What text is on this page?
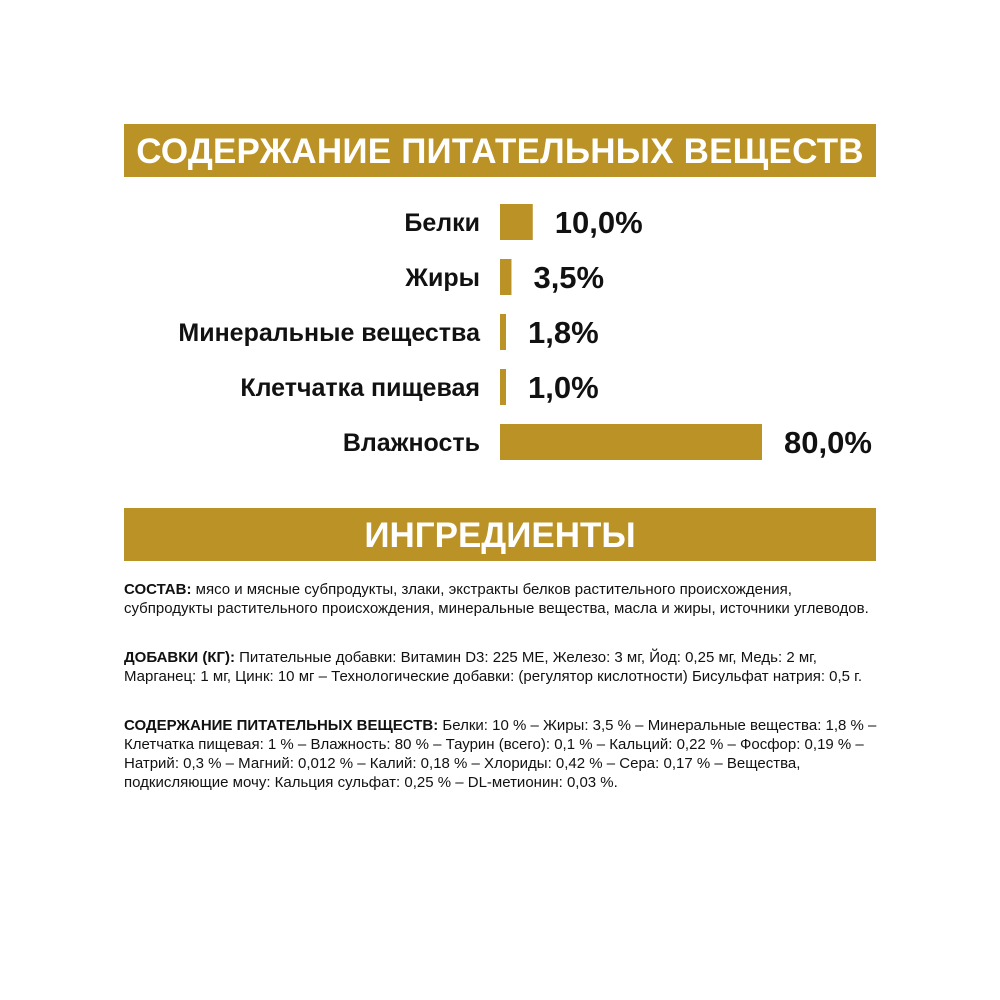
СОДЕРЖАНИЕ ПИТАТЕЛЬНЫХ ВЕЩЕСТВ
Белки 10,0%
Жиры 3,5%
Минеральные вещества 1,8%
Клетчатка пищевая 1,0%
Влажность	80,0%
ИНГРЕДИЕНТЫ
СОСТАВ: мясо и мясные субпродукты, злаки, экстракты белков растительного происхождения, субпродукты растительного происхождения, минеральные вещества, масла и жиры, источники углеводов.
ДОБАВКИ (КГ): Питательные добавки: Витамин D3: 225 МЕ, Железо: 3 мг, Йод: 0,25 мг, Медь: 2 мг, Марганец: 1 мг, Цинк: 10 мг – Технологические добавки: (регулятор кислотности) Бисульфат натрия: 0,5 г.
СОДЕРЖАНИЕ ПИТАТЕЛЬНЫХ ВЕЩЕСТВ: Белки: 10 % – Жиры: 3,5 % – Минеральные вещества: 1,8 % – Клетчатка пищевая: 1 % – Влажность: 80 % – Таурин (всего): 0,1 % – Кальций: 0,22 % – Фосфор: 0,19 % – Натрий: 0,3 % – Магний: 0,012 % – Калий: 0,18 % – Хлориды: 0,42 % – Сера: 0,17 % – Вещества, подкисляющие мочу: Кальция сульфат: 0,25 % – DL-метионин: 0,03 %.
